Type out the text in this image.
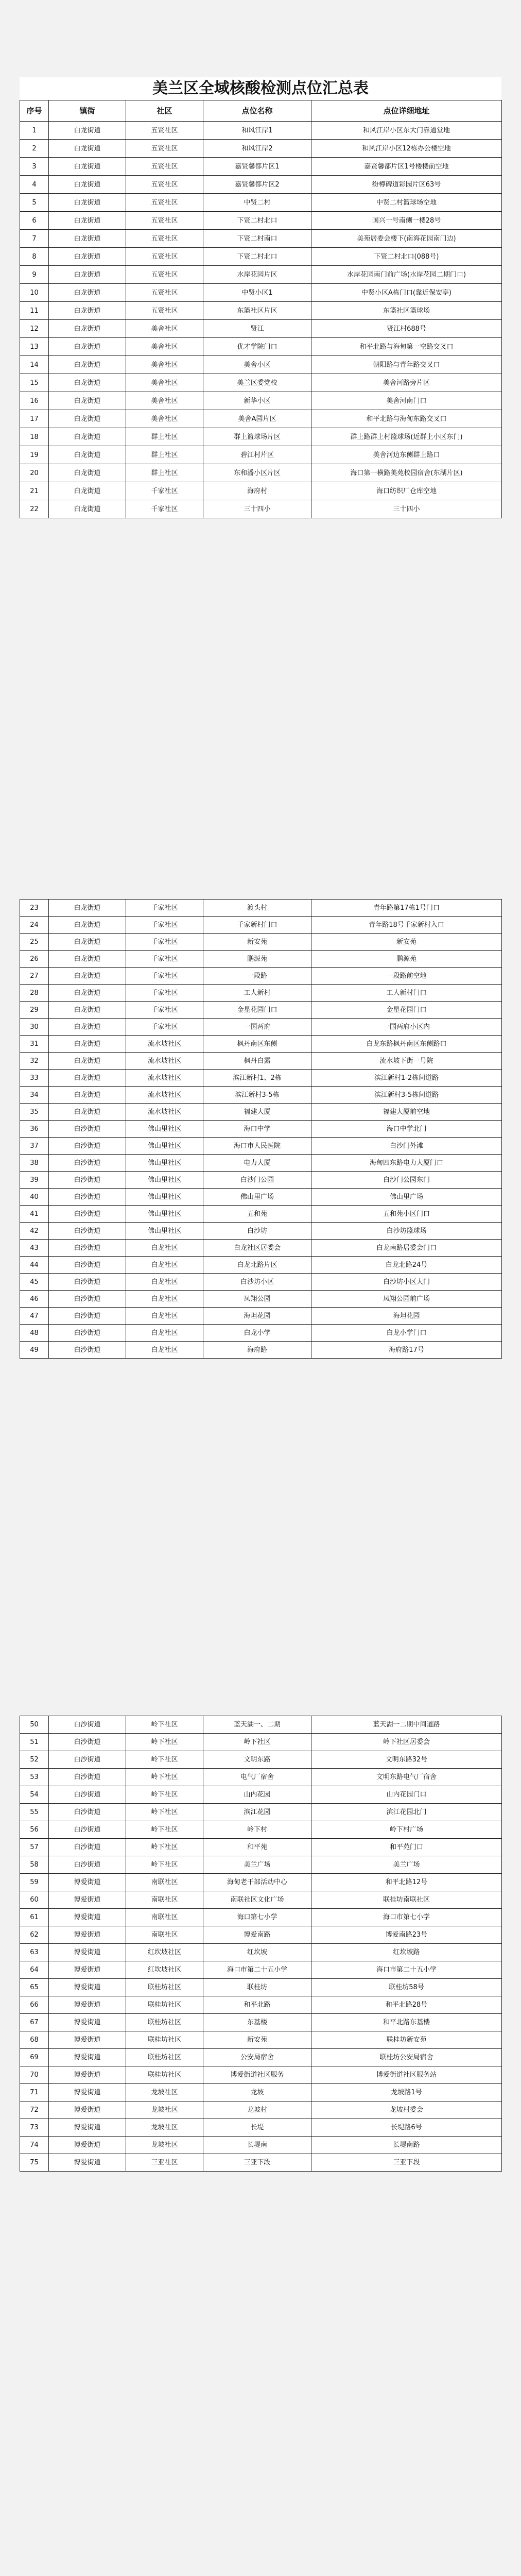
美兰区全域核酸检测点位汇总表
序号	镇街	社区	点位名称	点位详细地址
1	白龙街道	五贤社区	和风江岸1	和风江岸小区东大门靠道堂地
2	白龙街道	五贤社区	和风江岸2	和风江岸小区12栋办公楼空地
3	白龙街道	五贤社区	嘉贤馨都片区1	嘉贤馨都片区1号楼楼前空地
4	白龙街道	五贤社区	嘉贤馨都片区2	纷樽碑道彩园片区63号
5	白龙街道	五贤社区	中贤二村	中贤二村篮球场空地
6	白龙街道	五贤社区	下贤二村北口	国兴一号南侧一楼28号
7	白龙街道	五贤社区	下贤二村南口	美苑居委会楼下(南海花园南门边)
8	白龙街道	五贤社区	下贤二村北口	下贤二村北口(088号)
9	白龙街道	五贤社区	水岸花园片区	水岸花园南门前广场(水岸花园二期门口)
10	白龙街道	五贤社区	中贤小区1	中贤小区A栋门口(靠近保安亭)
11	白龙街道	五贤社区	东篮社区片区	东篮社区篮球场
12	白龙街道	美舍社区	贤江	贤江村688号
13	白龙街道	美舍社区	优才学院门口	和平北路与海甸第一空路交叉口
14	白龙街道	美舍社区	美舍小区	朝阳路与青年路交叉口
15	白龙街道	美舍社区	美兰区委党校	美舍河路旁片区
16	白龙街道	美舍社区	新华小区	美舍河南门口
17	白龙街道	美舍社区	美舍A园片区	和平北路与海甸东路交叉口
18	白龙街道	群上社区	群上篮球场片区	群上路群上村篮球场(近群上小区东门)
19	白龙街道	群上社区	碧江村片区	美舍河边东侧群上路口
20	白龙街道	群上社区	东和潘小区片区	海口第一横路美苑校园宿舍(东湖片区)
21	白龙街道	千家社区	海府村	海口纺织厂仓库空地
22	白龙街道	千家社区	三十四小	三十四小
23	白龙街道	千家社区	渡头村	青年路第17栋1号门口
24	白龙街道	千家社区	千家新村门口	青年路18号千家新村入口
25	白龙街道	千家社区	新安苑	新安苑
26	白龙街道	千家社区	鹏源苑	鹏源苑
27	白龙街道	千家社区	一段路	一段路前空地
28	白龙街道	千家社区	工人新村	工人新村门口
29	白龙街道	千家社区	金星花园门口	金星花园门口
30	白龙街道	千家社区	一国两府	一国两府小区内
31	白龙街道	流水坡社区	枫丹南区东侧	白龙东路枫丹南区东侧路口
32	白龙街道	流水坡社区	枫丹白露	流水坡下街一号院
33	白龙街道	流水坡社区	滨江新村1、2栋	滨江新村1-2栋间道路
34	白龙街道	流水坡社区	滨江新村3-5栋	滨江新村3-5栋间道路
35	白龙街道	流水坡社区	福建大厦	福建大厦前空地
36	白沙街道	佛山里社区	海口中学	海口中学北门
37	白沙街道	佛山里社区	海口市人民医院	白沙门外滩
38	白沙街道	佛山里社区	电力大厦	海甸四东路电力大厦门口
39	白沙街道	佛山里社区	白沙门公园	白沙门公园东门
40	白沙街道	佛山里社区	佛山里广场	佛山里广场
41	白沙街道	佛山里社区	五和苑	五和苑小区门口
42	白沙街道	佛山里社区	白沙坊	白沙坊篮球场
43	白沙街道	白龙社区	白龙社区居委会	白龙南路居委会门口
44	白沙街道	白龙社区	白龙北路片区	白龙北路24号
45	白沙街道	白龙社区	白沙坊小区	白沙坊小区大门
46	白沙街道	白龙社区	凤翔公园	凤翔公园前广场
47	白沙街道	白龙社区	海坦花园	海坦花园
48	白沙街道	白龙社区	白龙小学	白龙小学门口
49	白沙街道	白龙社区	海府路	海府路17号
50	白沙街道	岭下社区	蓝天湖一、二期	蓝天湖一二期中间道路
51	白沙街道	岭下社区	岭下社区	岭下社区居委会
52	白沙街道	岭下社区	文明东路	文明东路32号
53	白沙街道	岭下社区	电气厂宿舍	文明东路电气厂宿舍
54	白沙街道	岭下社区	山内花园	山内花园门口
55	白沙街道	岭下社区	滨江花园	滨江花园北门
56	白沙街道	岭下社区	岭下村	岭下村广场
57	白沙街道	岭下社区	和平苑	和平苑门口
58	白沙街道	岭下社区	美兰广场	美兰广场
59	博爱街道	南联社区	海甸老干部活动中心	和平北路12号
60	博爱街道	南联社区	南联社区文化广场	联桂坊南联社区
61	博爱街道	南联社区	海口第七小学	海口市第七小学
62	博爱街道	南联社区	博爱南路	博爱南路23号
63	博爱街道	红坎坡社区	红坎坡	红坎坡路
64	博爱街道	红坎坡社区	海口市第二十五小学	海口市第二十五小学
65	博爱街道	联桂坊社区	联桂坊	联桂坊58号
66	博爱街道	联桂坊社区	和平北路	和平北路28号
67	博爱街道	联桂坊社区	东基楼	和平北路东基楼
68	博爱街道	联桂坊社区	新安苑	联桂坊新安苑
69	博爱街道	联桂坊社区	公安局宿舍	联桂坊公安局宿舍
70	博爱街道	联桂坊社区	博爱街道社区服务	博爱街道社区服务站
71	博爱街道	龙坡社区	龙坡	龙坡路1号
72	博爱街道	龙坡社区	龙坡村	龙坡村委会
73	博爱街道	龙坡社区	长堤	长堤路6号
74	博爱街道	龙坡社区	长堤南	长堤南路
75	博爱街道	三亚社区	三亚下段	三亚下段
